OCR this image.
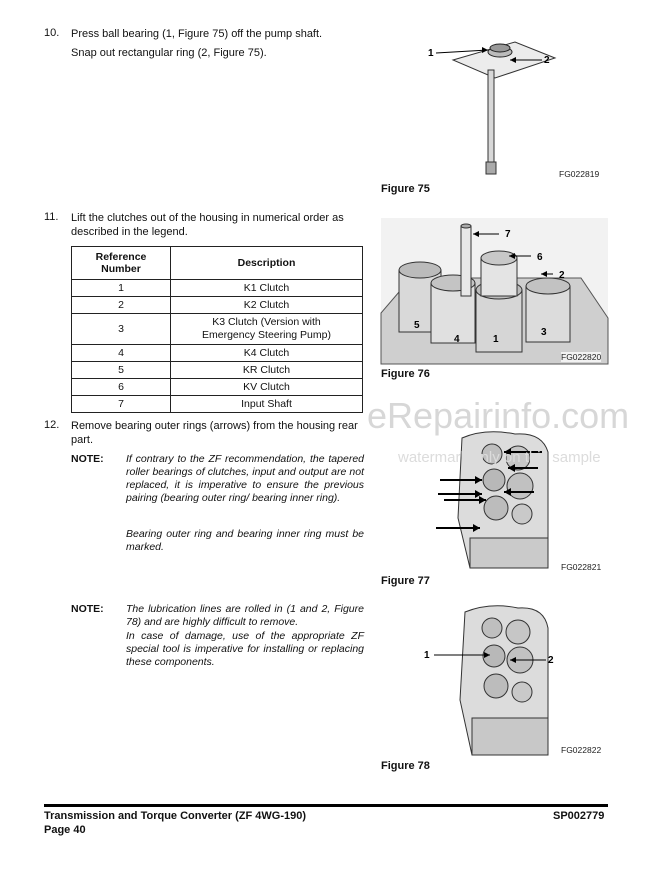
10. Press ball bearing (1, Figure 75) off the pump shaft.
Snap out rectangular ring (2, Figure 75).	1
2
FG022819
Figure 75
11. Lift the clutches out of the housing in numerical order as
described in the legend.
Reference Number	Description
1	K1 Clutch
2	K2 Clutch
3	K3 Clutch (Version with Emergency Steering Pump)
4	K4 Clutch
5	KR Clutch
6	KV Clutch
7	Input Shaft
7
6
2
5
4	1
3
FG022820
Figure 76
12. Remove bearing outer rings (arrows) from the housing rear
part.
NOTE: If contrary to the ZF recommendation, the tapered roller bearings of clutches, input and output are not replaced, it is imperative to ensure the previous pairing (bearing outer ring/ bearing inner ring).
Bearing outer ring and bearing inner ring must be marked.
FG022821
Figure 77
NOTE: The lubrication lines are rolled in (1 and 2, Figure 78) and are highly difficult to remove.
In case of damage, use of the appropriate ZF special tool is imperative for installing or replacing these components.
1	2
FG022822
Figure 78
eRepairinfo.com
watermark only on this sample
Transmission and Torque Converter (ZF 4WG-190)
Page 40
SP002779
